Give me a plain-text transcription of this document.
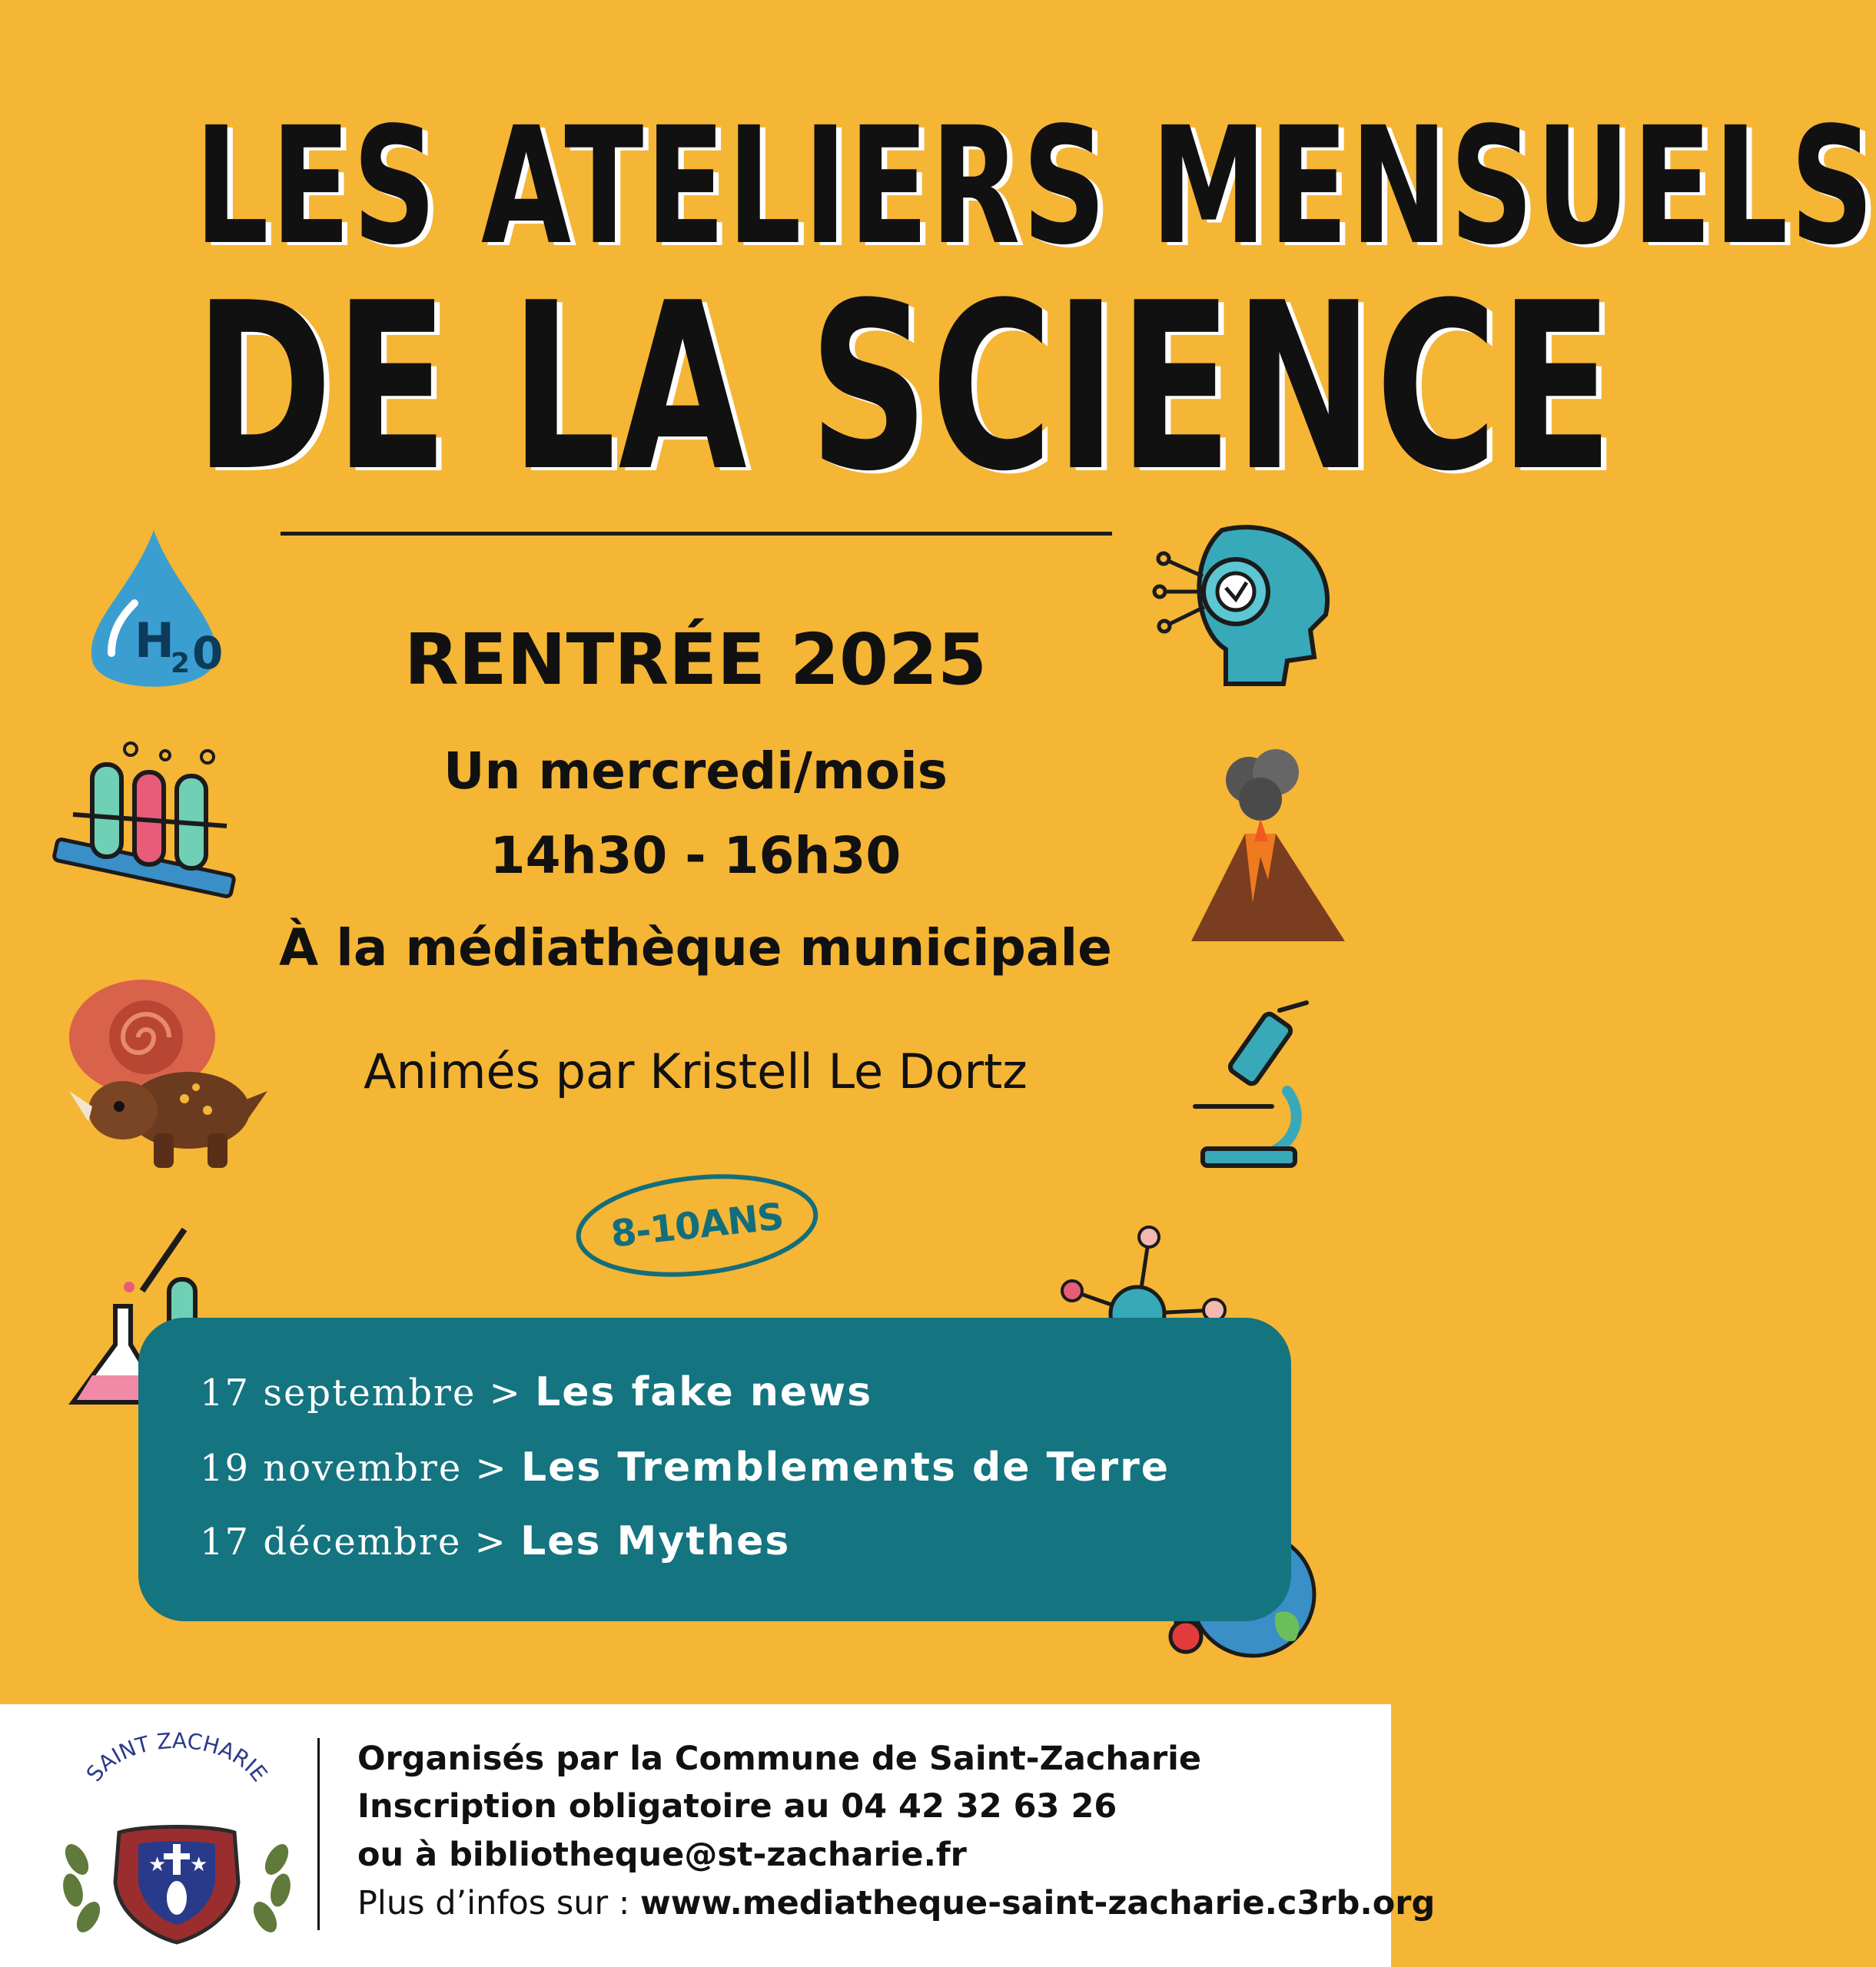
LES ATELIERS MENSUELS
DE LA SCIENCE
RENTRÉE 2025
Un mercredi/mois
14h30 - 16h30
À la médiathèque municipale
Animés par Kristell Le Dortz
8-10ANS
H
2 0
17 septembre > Les fake news
19 novembre > Les Tremblements de Terre
17 décembre > Les Mythes
SAINT ZACHARIE
★ ★
Organisés par la Commune de Saint-Zacharie
Inscription obligatoire au 04 42 32 63 26
ou à bibliotheque@st-zacharie.fr
Plus d’infos sur : www.mediatheque-saint-zacharie.c3rb.org
